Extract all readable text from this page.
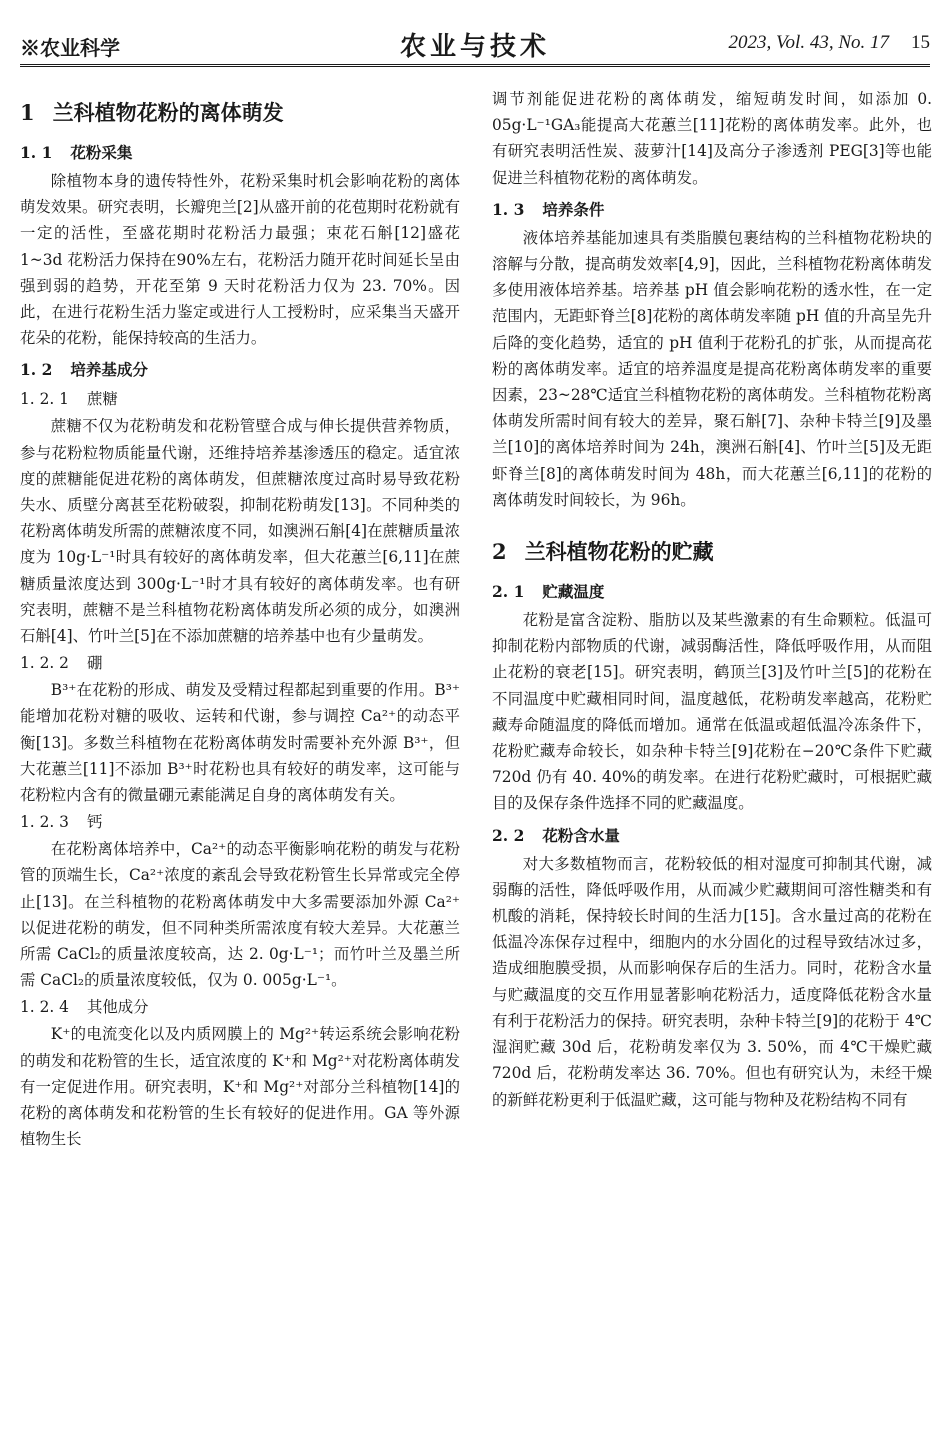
※农业科学	农业与技术	2023, Vol. 43, No. 17 15
1 兰科植物花粉的离体萌发
1. 1 花粉采集

除植物本身的遗传特性外，花粉采集时机会影响花粉的离体萌发效果。研究表明，长瓣兜兰[2]从盛开前的花苞期时花粉就有一定的活性，至盛花期时花粉活力最强；束花石斛[12]盛花 1~3d 花粉活力保持在90%左右，花粉活力随开花时间延长呈由强到弱的趋势，开花至第 9 天时花粉活力仅为 23. 70%。因此，在进行花粉生活力鉴定或进行人工授粉时，应采集当天盛开花朵的花粉，能保持较高的生活力。

1. 2 培养基成分
1. 2. 1 蔗糖

蔗糖不仅为花粉萌发和花粉管壁合成与伸长提供营养物质，参与花粉粒物质能量代谢，还维持培养基渗透压的稳定。适宜浓度的蔗糖能促进花粉的离体萌发，但蔗糖浓度过高时易导致花粉失水、质壁分离甚至花粉破裂，抑制花粉萌发[13]。不同种类的花粉离体萌发所需的蔗糖浓度不同，如澳洲石斛[4]在蔗糖质量浓度为 10g·L⁻¹时具有较好的离体萌发率，但大花蕙兰[6,11]在蔗糖质量浓度达到 300g·L⁻¹时才具有较好的离体萌发率。也有研究表明，蔗糖不是兰科植物花粉离体萌发所必须的成分，如澳洲石斛[4]、竹叶兰[5]在不添加蔗糖的培养基中也有少量萌发。

1. 2. 2 硼

B³⁺在花粉的形成、萌发及受精过程都起到重要的作用。B³⁺能增加花粉对糖的吸收、运转和代谢，参与调控 Ca²⁺的动态平衡[13]。多数兰科植物在花粉离体萌发时需要补充外源 B³⁺，但大花蕙兰[11]不添加 B³⁺时花粉也具有较好的萌发率，这可能与花粉粒内含有的微量硼元素能满足自身的离体萌发有关。

1. 2. 3 钙

在花粉离体培养中，Ca²⁺的动态平衡影响花粉的萌发与花粉管的顶端生长，Ca²⁺浓度的紊乱会导致花粉管生长异常或完全停止[13]。在兰科植物的花粉离体萌发中大多需要添加外源 Ca²⁺以促进花粉的萌发，但不同种类所需浓度有较大差异。大花蕙兰所需 CaCl₂的质量浓度较高，达 2. 0g·L⁻¹；而竹叶兰及墨兰所需 CaCl₂的质量浓度较低，仅为 0. 005g·L⁻¹。

1. 2. 4 其他成分

K⁺的电流变化以及内质网膜上的 Mg²⁺转运系统会影响花粉的萌发和花粉管的生长，适宜浓度的 K⁺和 Mg²⁺对花粉离体萌发有一定促进作用。研究表明，K⁺和 Mg²⁺对部分兰科植物[14]的花粉的离体萌发和花粉管的生长有较好的促进作用。GA 等外源植物生长

调节剂能促进花粉的离体萌发，缩短萌发时间，如添加 0. 05g·L⁻¹GA₃能提高大花蕙兰[11]花粉的离体萌发率。此外，也有研究表明活性炭、菠萝汁[14]及高分子渗透剂 PEG[3]等也能促进兰科植物花粉的离体萌发。

1. 3 培养条件

液体培养基能加速具有类脂膜包裹结构的兰科植物花粉块的溶解与分散，提高萌发效率[4,9]，因此，兰科植物花粉离体萌发多使用液体培养基。培养基 pH 值会影响花粉的透水性，在一定范围内，无距虾脊兰[8]花粉的离体萌发率随 pH 值的升高呈先升后降的变化趋势，适宜的 pH 值利于花粉孔的扩张，从而提高花粉的离体萌发率。适宜的培养温度是提高花粉离体萌发率的重要因素，23~28℃适宜兰科植物花粉的离体萌发。兰科植物花粉离体萌发所需时间有较大的差异，聚石斛[7]、杂种卡特兰[9]及墨兰[10]的离体培养时间为 24h，澳洲石斛[4]、竹叶兰[5]及无距虾脊兰[8]的离体萌发时间为 48h，而大花蕙兰[6,11]的花粉的离体萌发时间较长，为 96h。

2 兰科植物花粉的贮藏
2. 1 贮藏温度

花粉是富含淀粉、脂肪以及某些激素的有生命颗粒。低温可抑制花粉内部物质的代谢，减弱酶活性，降低呼吸作用，从而阻止花粉的衰老[15]。研究表明，鹤顶兰[3]及竹叶兰[5]的花粉在不同温度中贮藏相同时间，温度越低，花粉萌发率越高，花粉贮藏寿命随温度的降低而增加。通常在低温或超低温冷冻条件下，花粉贮藏寿命较长，如杂种卡特兰[9]花粉在−20℃条件下贮藏 720d 仍有 40. 40%的萌发率。在进行花粉贮藏时，可根据贮藏目的及保存条件选择不同的贮藏温度。

2. 2 花粉含水量

对大多数植物而言，花粉较低的相对湿度可抑制其代谢，减弱酶的活性，降低呼吸作用，从而减少贮藏期间可溶性糖类和有机酸的消耗，保持较长时间的生活力[15]。含水量过高的花粉在低温冷冻保存过程中，细胞内的水分固化的过程导致结冰过多，造成细胞膜受损，从而影响保存后的生活力。同时，花粉含水量与贮藏温度的交互作用显著影响花粉活力，适度降低花粉含水量有利于花粉活力的保持。研究表明，杂种卡特兰[9]的花粉于 4℃湿润贮藏 30d 后，花粉萌发率仅为 3. 50%，而 4℃干燥贮藏 720d 后，花粉萌发率达 36. 70%。但也有研究认为，未经干燥的新鲜花粉更利于低温贮藏，这可能与物种及花粉结构不同有
